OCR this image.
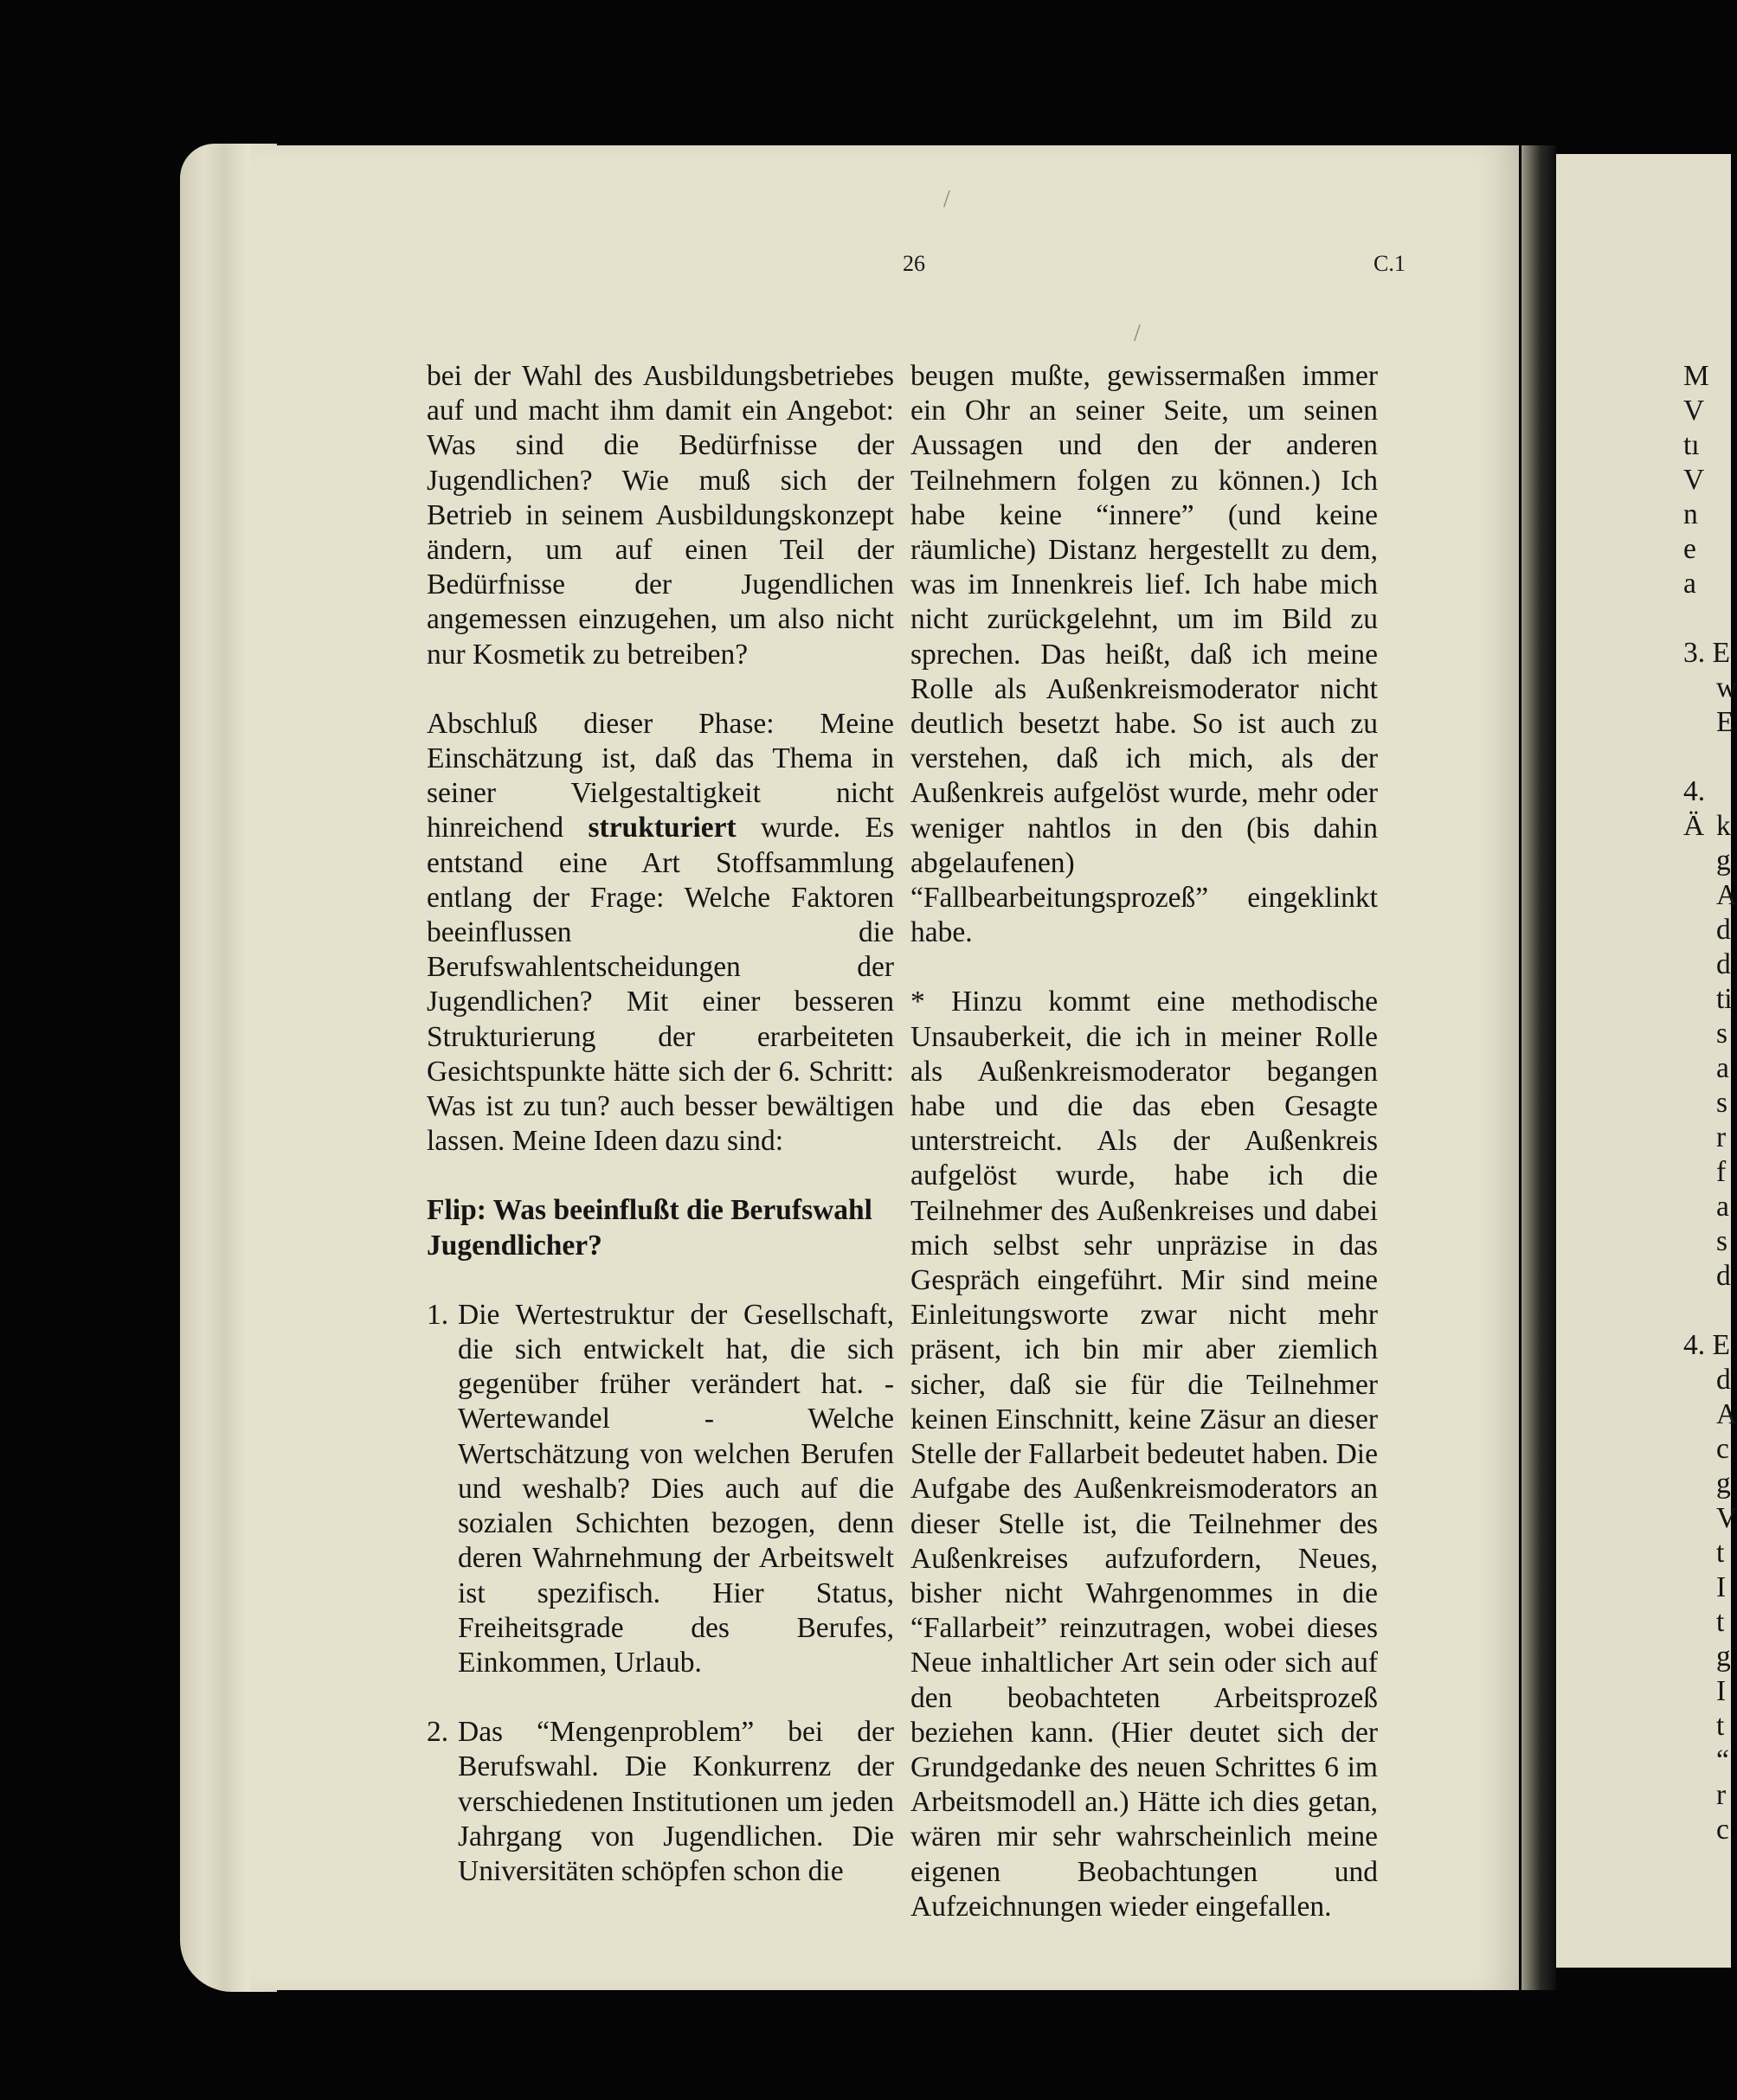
26	C.1
/
/

bei der Wahl des Ausbildungsbetriebes auf und macht ihm damit ein Angebot: Was sind die Bedürfnisse der Jugendlichen? Wie muß sich der Betrieb in seinem Ausbildungskonzept ändern, um auf einen Teil der Bedürfnisse der Jugendlichen angemessen einzugehen, um also nicht nur Kosmetik zu betreiben?

Abschluß dieser Phase: Meine Einschätzung ist, daß das Thema in seiner Vielgestaltigkeit nicht hinreichend strukturiert wurde. Es entstand eine Art Stoffsammlung entlang der Frage: Welche Faktoren beeinflussen die Berufswahlentscheidungen der Jugendlichen? Mit einer besseren Strukturierung der erarbeiteten Gesichtspunkte hätte sich der 6. Schritt: Was ist zu tun? auch besser bewältigen lassen. Meine Ideen dazu sind:

Flip: Was beeinflußt die Berufswahl Jugendlicher?

1. Die Wertestruktur der Gesellschaft, die sich entwickelt hat, die sich gegenüber früher verändert hat. - Wertewandel - Welche Wertschätzung von welchen Berufen und weshalb? Dies auch auf die sozialen Schichten bezogen, denn deren Wahrnehmung der Arbeitswelt ist spezifisch. Hier Status, Freiheitsgrade des Berufes, Einkommen, Urlaub.
2. Das “Mengenproblem” bei der Berufswahl. Die Konkurrenz der verschiedenen Institutionen um jeden Jahrgang von Jugendlichen. Die Universitäten schöpfen schon die

beugen mußte, gewissermaßen immer ein Ohr an seiner Seite, um seinen Aussagen und den der anderen Teilnehmern folgen zu können.) Ich habe keine “innere” (und keine räumliche) Distanz hergestellt zu dem, was im Innenkreis lief. Ich habe mich nicht zurückgelehnt, um im Bild zu sprechen. Das heißt, daß ich meine Rolle als Außenkreismoderator nicht deutlich besetzt habe. So ist auch zu verstehen, daß ich mich, als der Außenkreis aufgelöst wurde, mehr oder weniger nahtlos in den (bis dahin abgelaufenen) “Fallbearbeitungsprozeß” eingeklinkt habe.

* Hinzu kommt eine methodische Unsauberkeit, die ich in meiner Rolle als Außenkreismoderator begangen habe und die das eben Gesagte unterstreicht. Als der Außenkreis aufgelöst wurde, habe ich die Teilnehmer des Außenkreises und dabei mich selbst sehr unpräzise in das Gespräch eingeführt. Mir sind meine Einleitungsworte zwar nicht mehr präsent, ich bin mir aber ziemlich sicher, daß sie für die Teilnehmer keinen Einschnitt, keine Zäsur an dieser Stelle der Fallarbeit bedeutet haben. Die Aufgabe des Außenkreismoderators an dieser Stelle ist, die Teilnehmer des Außenkreises aufzufordern, Neues, bisher nicht Wahrgenommes in die “Fallarbeit” reinzutragen, wobei dieses Neue inhaltlicher Art sein oder sich auf den beobachteten Arbeitsprozeß beziehen kann. (Hier deutet sich der Grundgedanke des neuen Schrittes 6 im Arbeitsmodell an.) Hätte ich dies getan, wären mir sehr wahrscheinlich meine eigenen Beobachtungen und Aufzeichnungen wieder eingefallen.

M
V
tı
V
n
e
a
3. E
w
E
4. Ä k
g
A
d
d
ti
s
a
s
r
f
a
s
d
4. E
d
A
c
g
V
t
I
t
g
I
t
“
r
c
